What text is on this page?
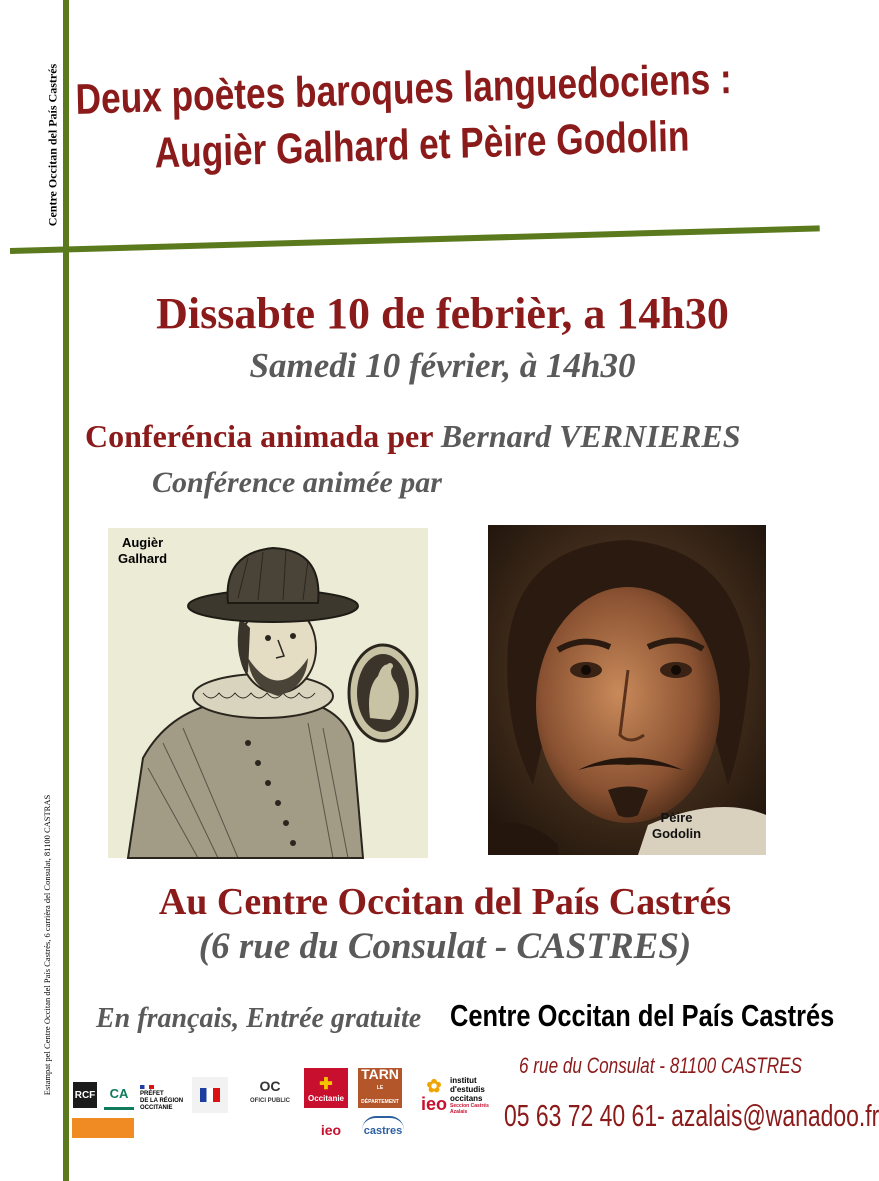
Centre Occitan del País Castrés
Estampat pel Centre Occitan del País Castrés, 6 carrièra del Consulat, 81100 CASTRAS
Deux poètes baroques languedociens :
Augièr Galhard et Pèire Godolin
Dissabte 10 de febrièr, a 14h30
Samedi 10 février, à 14h30
Conferéncia animada per Bernard VERNIERES
Conférence animée par
Augièr
Galhard
Pèire
Godolin
Au Centre Occitan del País Castrés
(6 rue du Consulat - CASTRES)
En français, Entrée gratuite Centre Occitan del País Castrés
6 rue du Consulat - 81100 CASTRES
05 63 72 40 61- azalais@wanadoo.fr
RCF CA PRÉFET
DE LA RÉGION
OCCITANIE
OC
OFICI PUBLIC
✚
Occitanie
TARN
LE DÉPARTEMENT
✿
ieo
institut
d'estudis
occitans
Seccion Castrés
Azalais
ieo castres
